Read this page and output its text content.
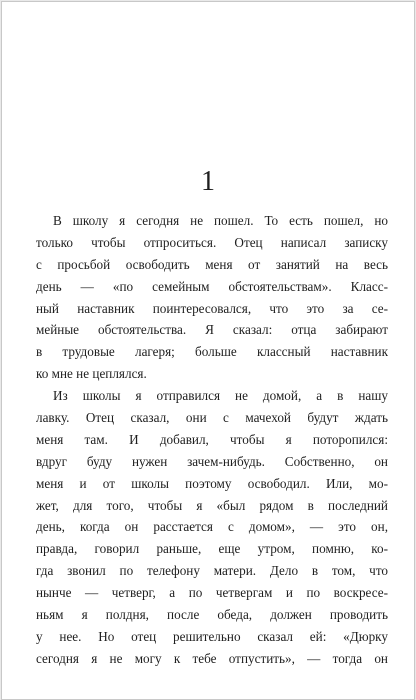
1
В школу я сегодня не пошел. То есть пошел, но
только чтобы отпроситься. Отец написал записку
с просьбой освободить меня от занятий на весь
день — «по семейным обстоятельствам». Класс-
ный наставник поинтересовался, что это за се-
мейные обстоятельства. Я сказал: отца забирают
в трудовые лагеря; больше классный наставник
ко мне не цеплялся.
Из школы я отправился не домой, а в нашу
лавку. Отец сказал, они с мачехой будут ждать
меня там. И добавил, чтобы я поторопился:
вдруг буду нужен зачем-нибудь. Собственно, он
меня и от школы поэтому освободил. Или, мо-
жет, для того, чтобы я «был рядом в последний
день, когда он расстается с домом», — это он,
правда, говорил раньше, еще утром, помню, ко-
гда звонил по телефону матери. Дело в том, что
нынче — четверг, а по четвергам и по воскресе-
ньям я полдня, после обеда, должен проводить
у нее. Но отец решительно сказал ей: «Дюрку
сегодня я не могу к тебе отпустить», — тогда он
